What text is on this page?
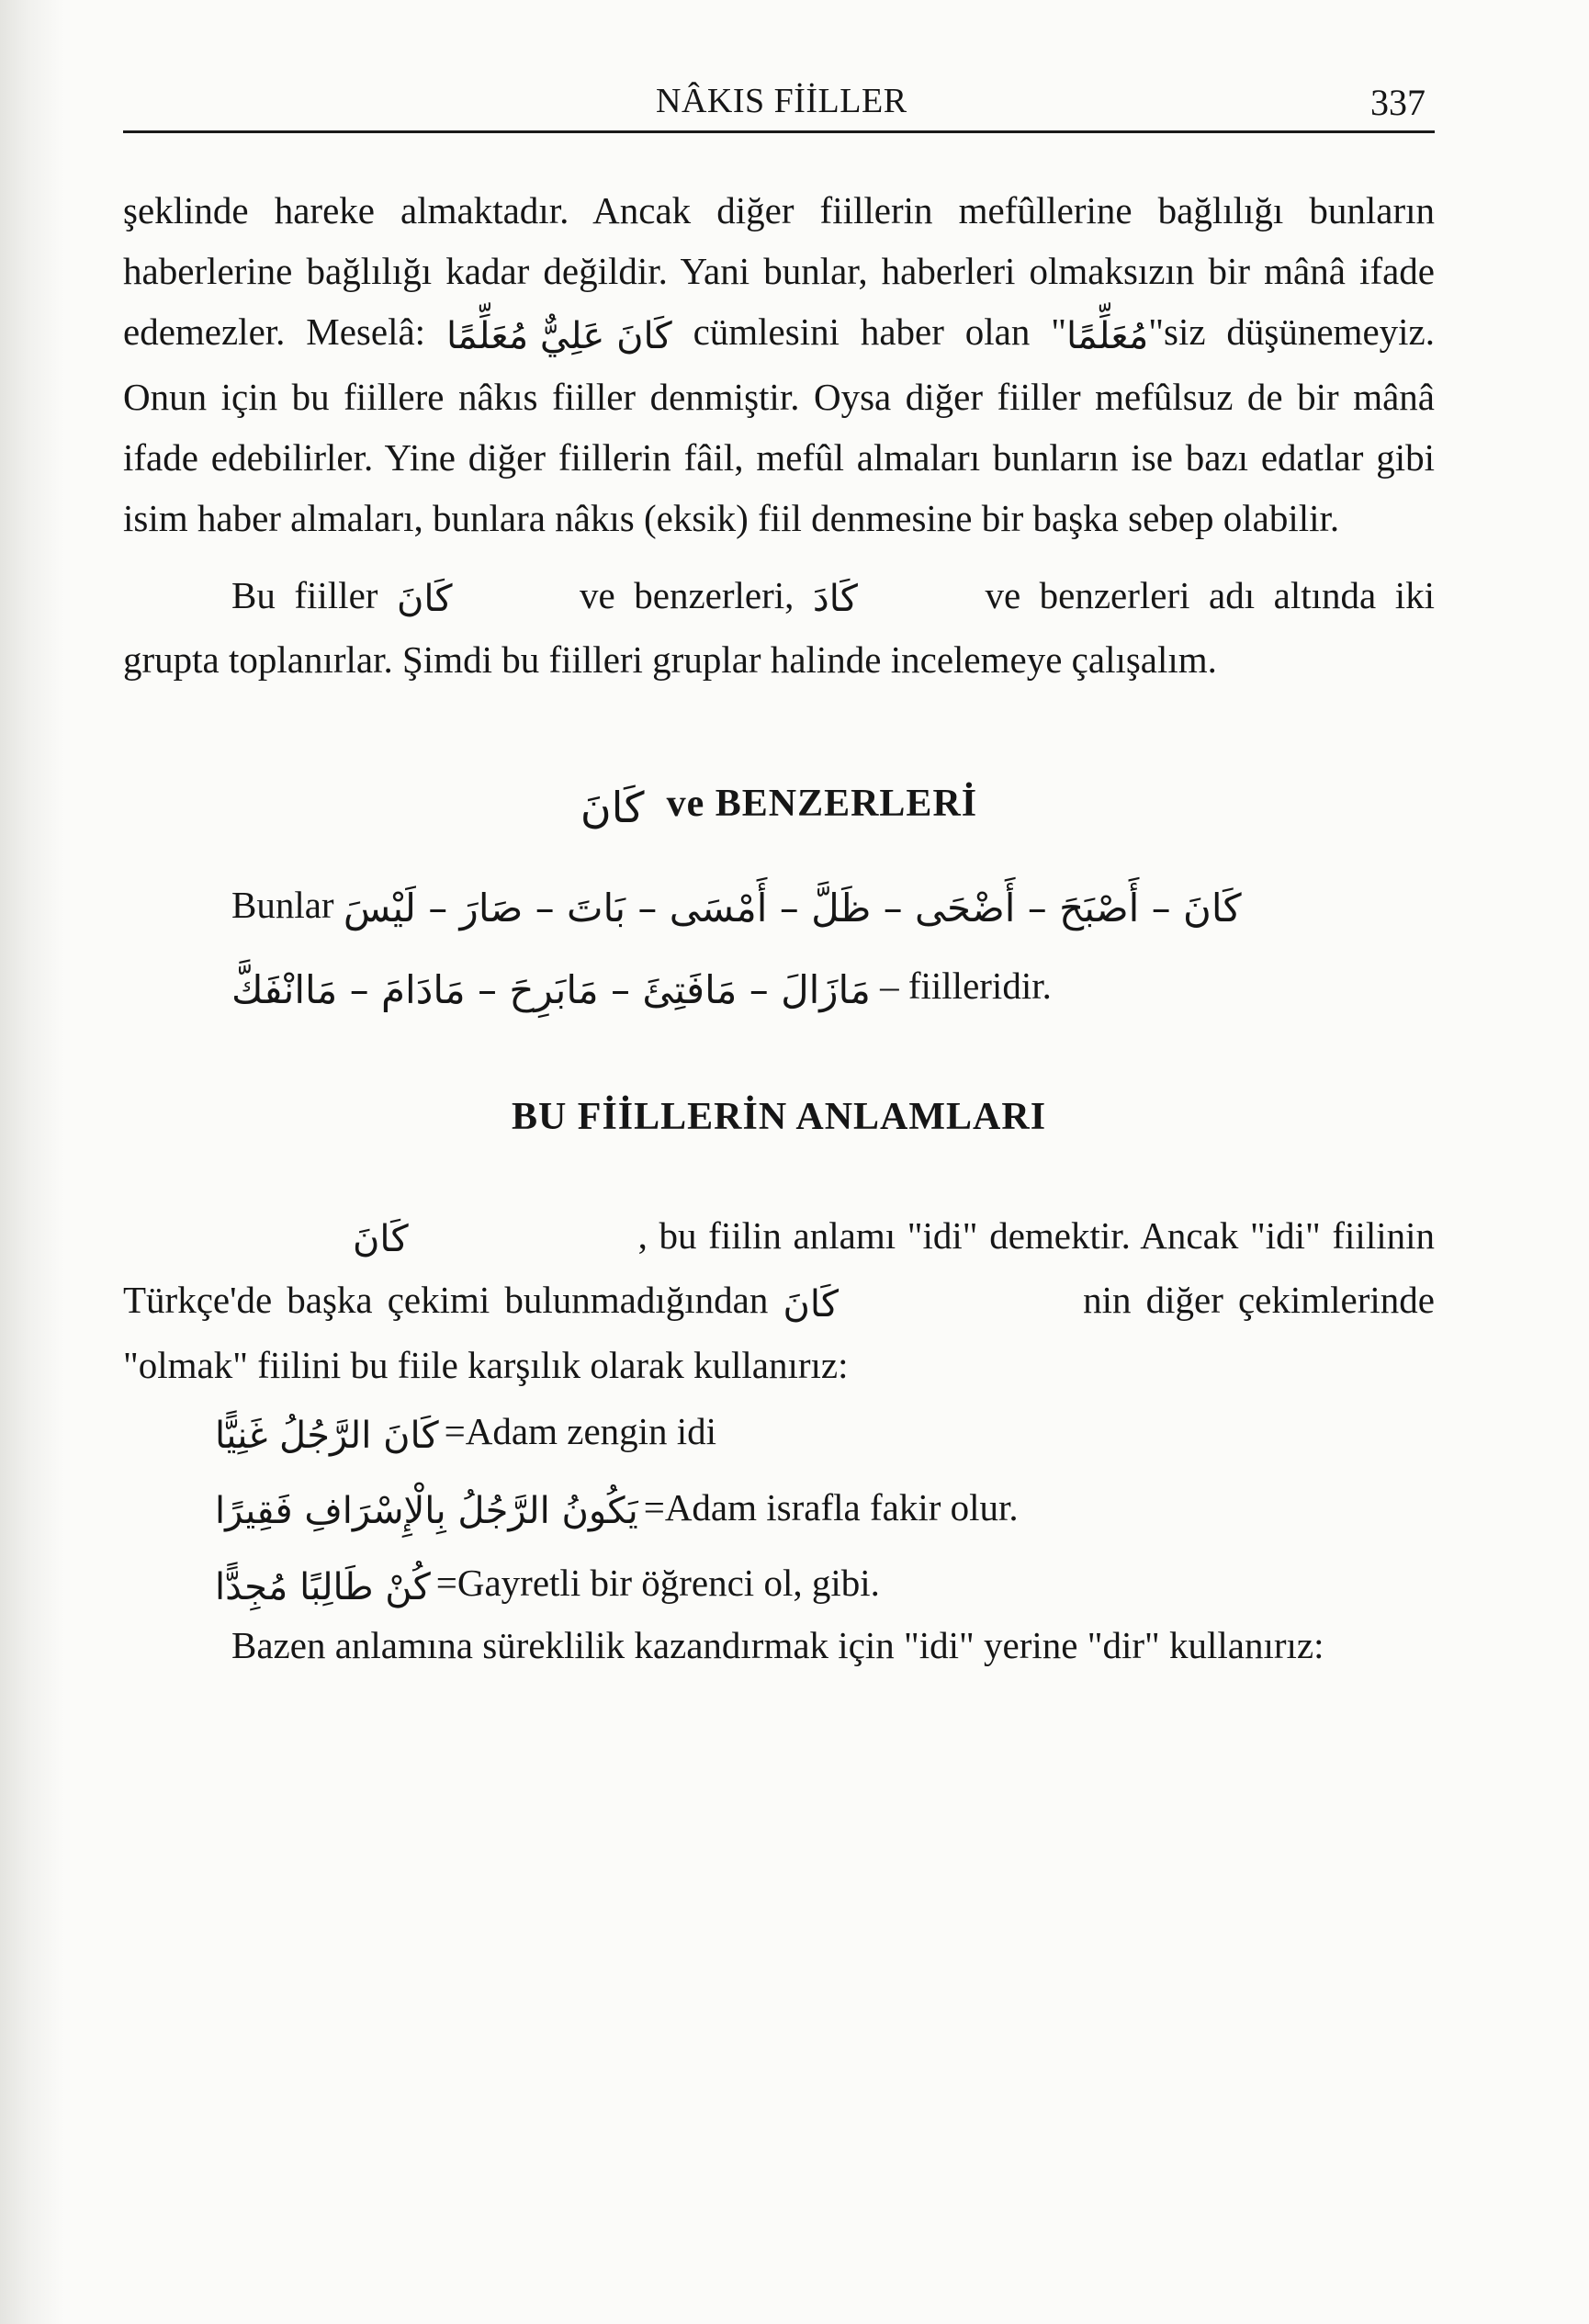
NÂKIS FİİLLER	337

şeklinde hareke almaktadır. Ancak diğer fiillerin mefûllerine bağlılığı bunların haberlerine bağlılığı kadar değildir. Yani bunlar, haberleri olmaksızın bir mânâ ifade edemezler. Meselâ: كَانَ عَلِيٌّ مُعَلِّمًا cümlesini haber olan "مُعَلِّمًا"siz düşünemeyiz. Onun için bu fiillere nâkıs fiiller denmiştir. Oysa diğer fiiller mefûlsuz de bir mânâ ifade edebilirler. Yine diğer fiillerin fâil, mefûl almaları bunların ise bazı edatlar gibi isim haber almaları, bunlara nâkıs (eksik) fiil denmesine bir başka sebep olabilir.

Bu fiiller كَانَ	ve benzerleri, كَادَ	ve benzerleri adı altında iki grupta toplanırlar. Şimdi bu fiilleri gruplar halinde incelemeye çalışalım.

كَانَ ve BENZERLERİ
Bunlar كَانَ – أَصْبَحَ – أَضْحَى – ظَلَّ – أَمْسَى – بَاتَ – صَارَ – لَيْسَ
مَازَالَ – مَافَتِئَ – مَابَرِحَ – مَادَامَ – مَاانْفَكَّ – fiilleridir.
BU FİİLLERİN ANLAMLARI

كَانَ	, bu fiilin anlamı "idi" demektir. Ancak "idi" fiilinin Türkçe'de başka çekimi bulunmadığından كَانَ	nin diğer çekimlerinde "olmak" fiilini bu fiile karşılık olarak kullanırız:

كَانَ الرَّجُلُ غَنِيًّا =Adam zengin idi
يَكُونُ الرَّجُلُ بِالْإِسْرَافِ فَقِيرًا =Adam israfla fakir olur.
كُنْ طَالِبًا مُجِدًّا =Gayretli bir öğrenci ol, gibi.

Bazen anlamına süreklilik kazandırmak için "idi" yerine "dir" kullanırız:
